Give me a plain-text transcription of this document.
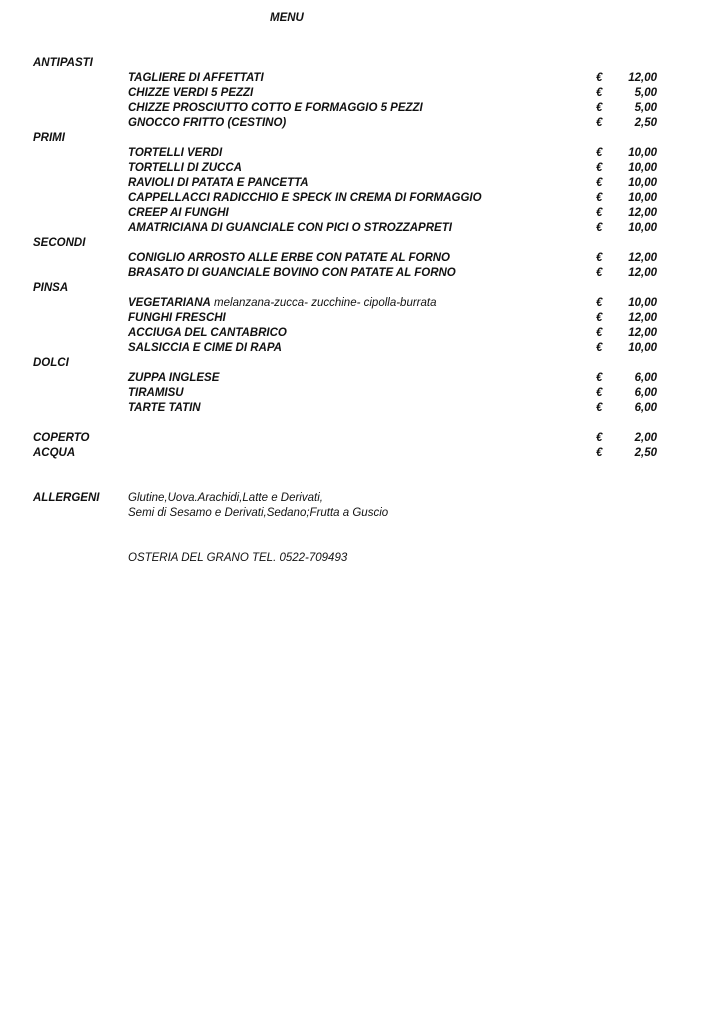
MENU
ANTIPASTI
TAGLIERE DI AFFETTATI	€ 12,00
CHIZZE VERDI 5 PEZZI	€	5,00
CHIZZE PROSCIUTTO COTTO E FORMAGGIO 5 PEZZI	€	5,00
GNOCCO FRITTO (CESTINO)	€	2,50
PRIMI
TORTELLI VERDI	€ 10,00
TORTELLI DI ZUCCA	€ 10,00
RAVIOLI DI PATATA E PANCETTA	€ 10,00
CAPPELLACCI RADICCHIO E SPECK IN CREMA DI FORMAGGIO	€ 10,00
CREEP AI FUNGHI	€ 12,00
AMATRICIANA DI GUANCIALE CON PICI O STROZZAPRETI	€ 10,00
SECONDI
CONIGLIO ARROSTO ALLE ERBE CON PATATE AL FORNO	€ 12,00
BRASATO DI GUANCIALE BOVINO CON PATATE AL FORNO	€ 12,00
PINSA
VEGETARIANA melanzana-zucca- zucchine- cipolla-burrata	€ 10,00
FUNGHI FRESCHI	€ 12,00
ACCIUGA DEL CANTABRICO	€ 12,00
SALSICCIA E CIME DI RAPA	€ 10,00
DOLCI
ZUPPA INGLESE	€	6,00
TIRAMISU	€	6,00
TARTE TATIN	€	6,00
COPERTO	€	2,00
ACQUA	€	2,50
ALLERGENI Glutine,Uova.Arachidi,Latte e Derivati,
Semi di Sesamo e Derivati,Sedano;Frutta a Guscio
OSTERIA DEL GRANO TEL. 0522-709493
